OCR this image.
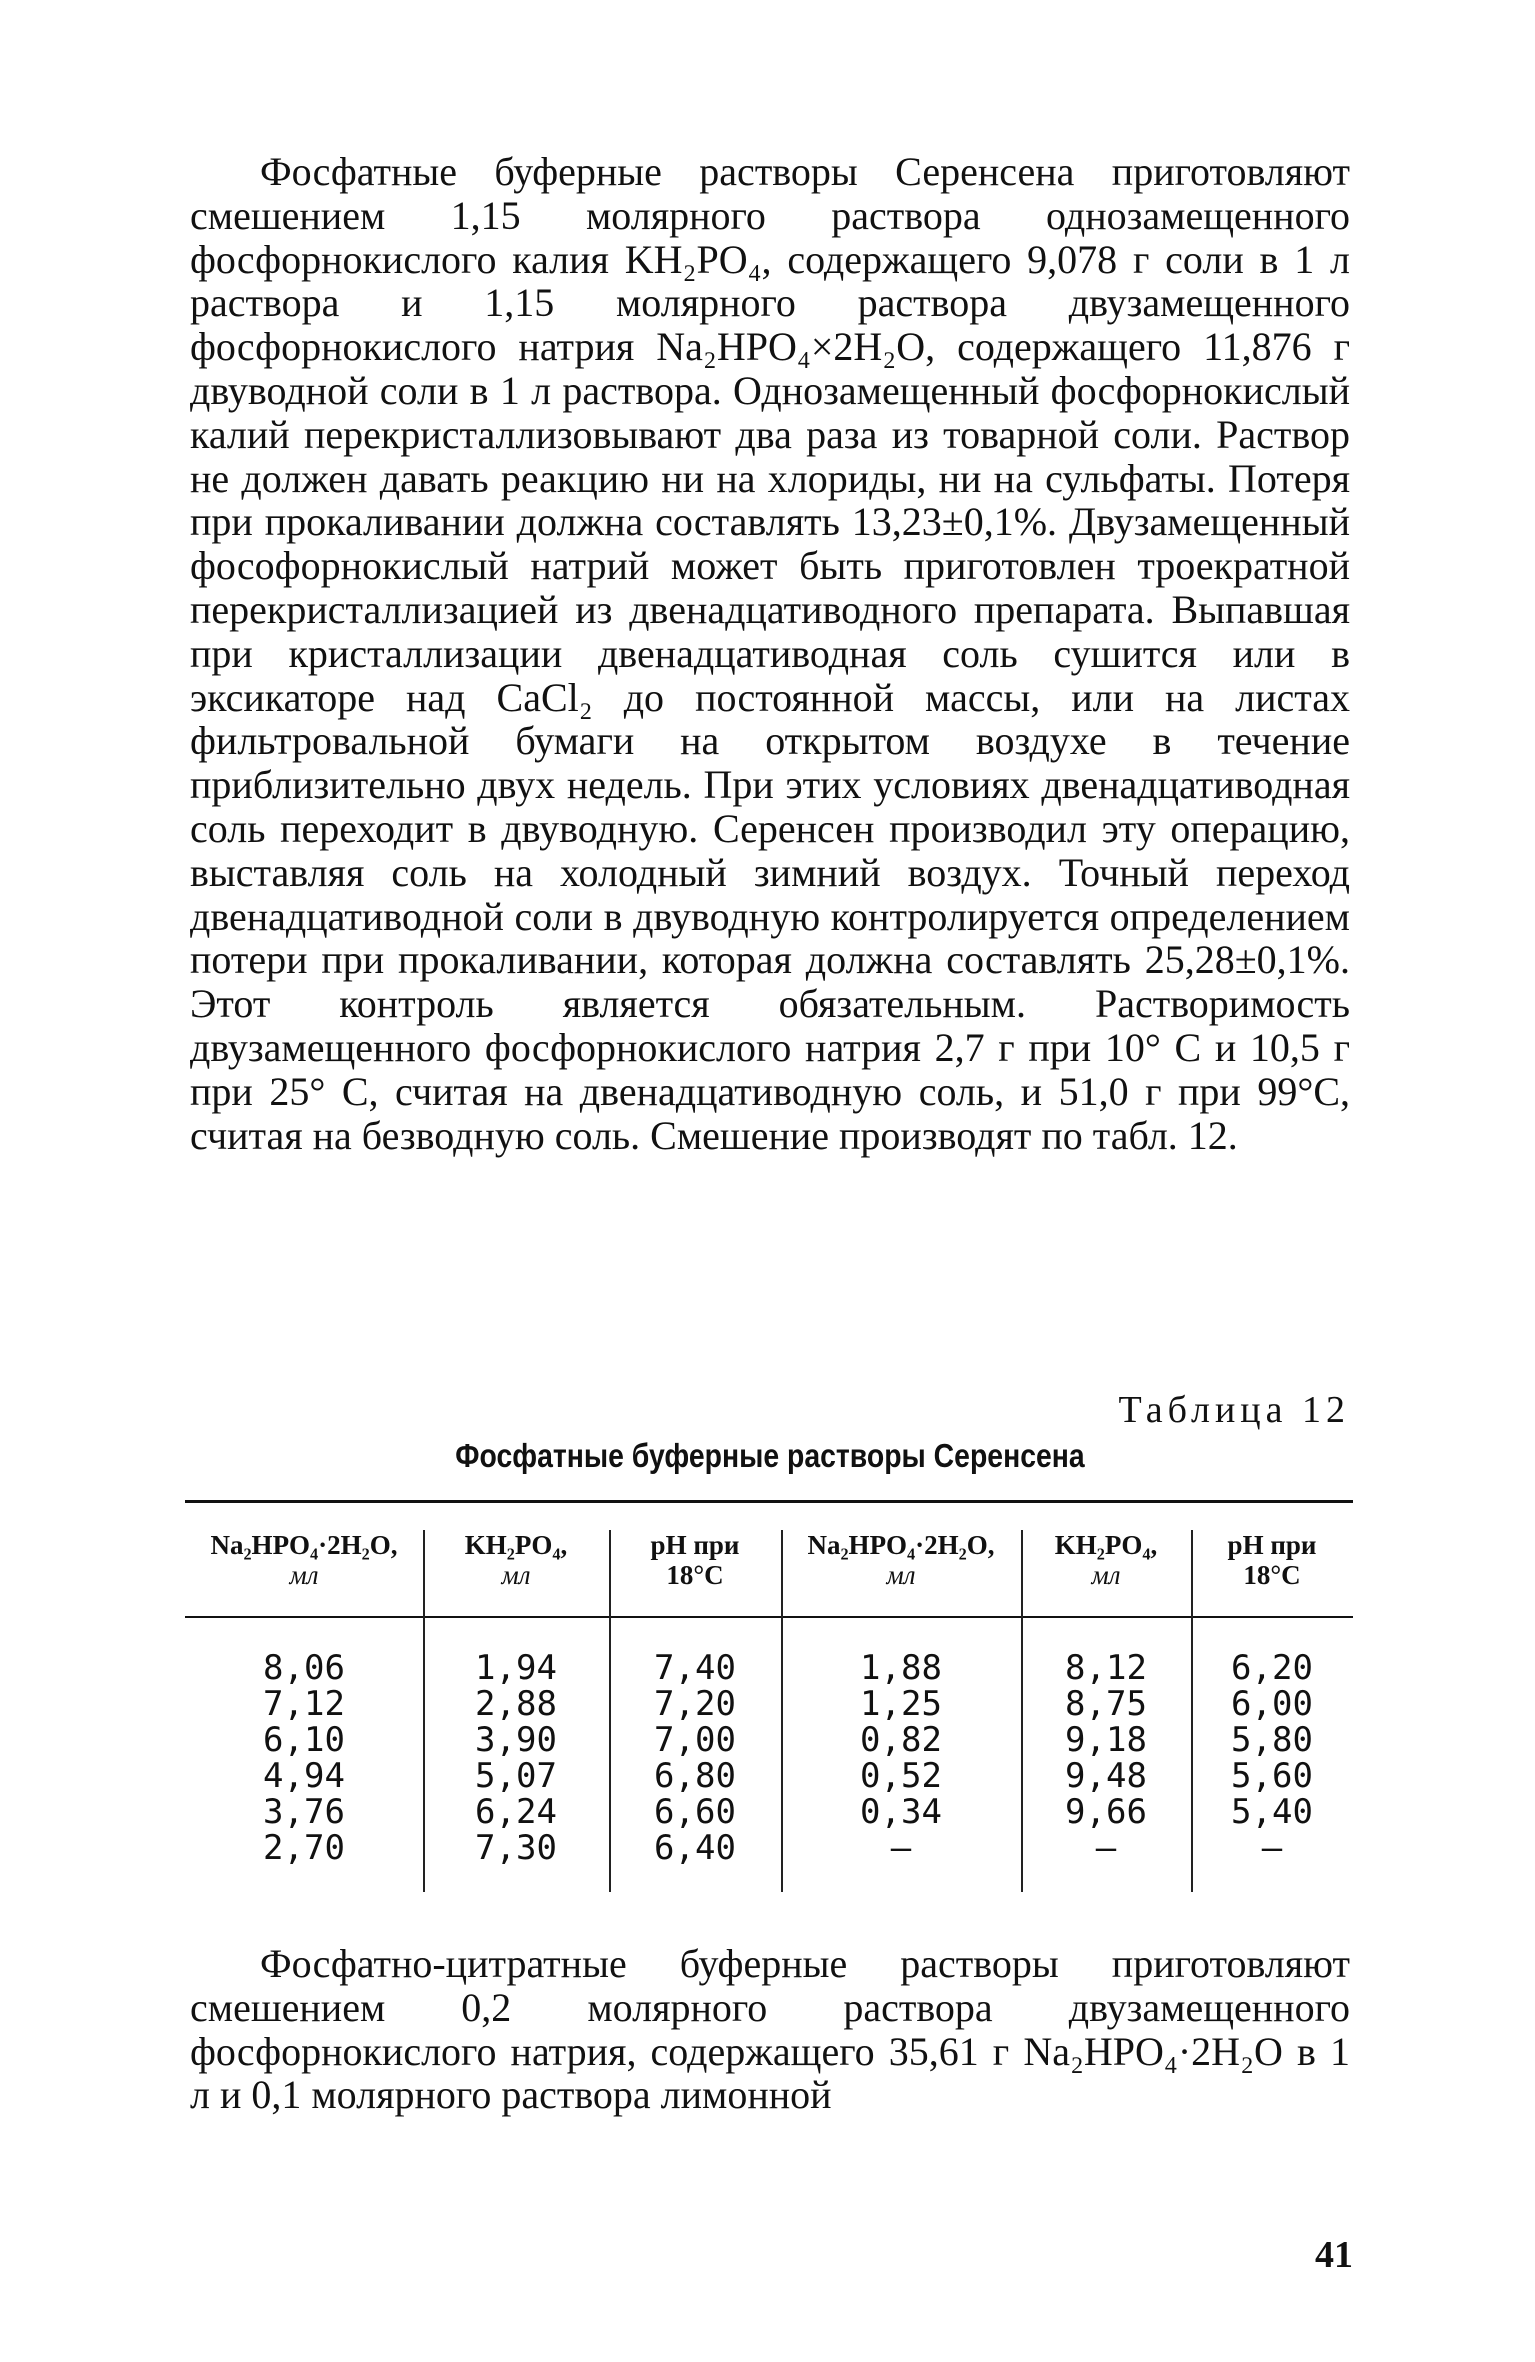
Фосфатные буферные растворы Серенсена приготовляют смешением 1,15 молярного раствора однозамещенного фосфорнокислого калия KH₂PO₄, содержащего 9,078 г соли в 1 л раствора и 1,15 молярного раствора двузамещенного фосфорнокислого натрия Na₂HPO₄×2H₂O, содержащего 11,876 г двуводной соли в 1 л раствора. Однозамещенный фосфорнокислый калий перекристаллизовывают два раза из товарной соли. Раствор не должен давать реакцию ни на хлориды, ни на сульфаты. Потеря при прокаливании должна составлять 13,23±0,1%. Двузамещенный фософорнокислый натрий может быть приготовлен троекратной перекристаллизацией из двенадцативодного препарата. Выпавшая при кристаллизации двенадцативодная соль сушится или в эксикаторе над CaCl₂ до постоянной массы, или на листах фильтровальной бумаги на открытом воздухе в течение приблизительно двух недель. При этих условиях двенадцативодная соль переходит в двуводную. Серенсен производил эту операцию, выставляя соль на холодный зимний воздух. Точный переход двенадцативодной соли в двуводную контролируется определением потери при прокаливании, которая должна составлять 25,28±0,1%. Этот контроль является обязательным. Растворимость двузамещенного фосфорнокислого натрия 2,7 г при 10° С и 10,5 г при 25° С, считая на двенадцативодную соль, и 51,0 г при 99°С, считая на безводную соль. Смешение производят по табл. 12.

Таблица 12
Фосфатные буферные растворы Серенсена
Na₂HPO₄·2H₂O,
мл
KH₂PO₄,
мл
pH при
18°C
Na₂HPO₄·2H₂O,
мл
KH₂PO₄,
мл
pH при
18°C
8,06
7,12
6,10
4,94
3,76
2,70
1,94
2,88
3,90
5,07
6,24
7,30
7,40
7,20
7,00
6,80
6,60
6,40
1,88
1,25
0,82
0,52
0,34
—
8,12
8,75
9,18
9,48
9,66
—
6,20
6,00
5,80
5,60
5,40
—

Фосфатно-цитратные буферные растворы приготовляют смешением 0,2 молярного раствора двузамещенного фосфорнокислого натрия, содержащего 35,61 г Na₂HPO₄·2H₂O в 1 л и 0,1 молярного раствора лимонной

41
